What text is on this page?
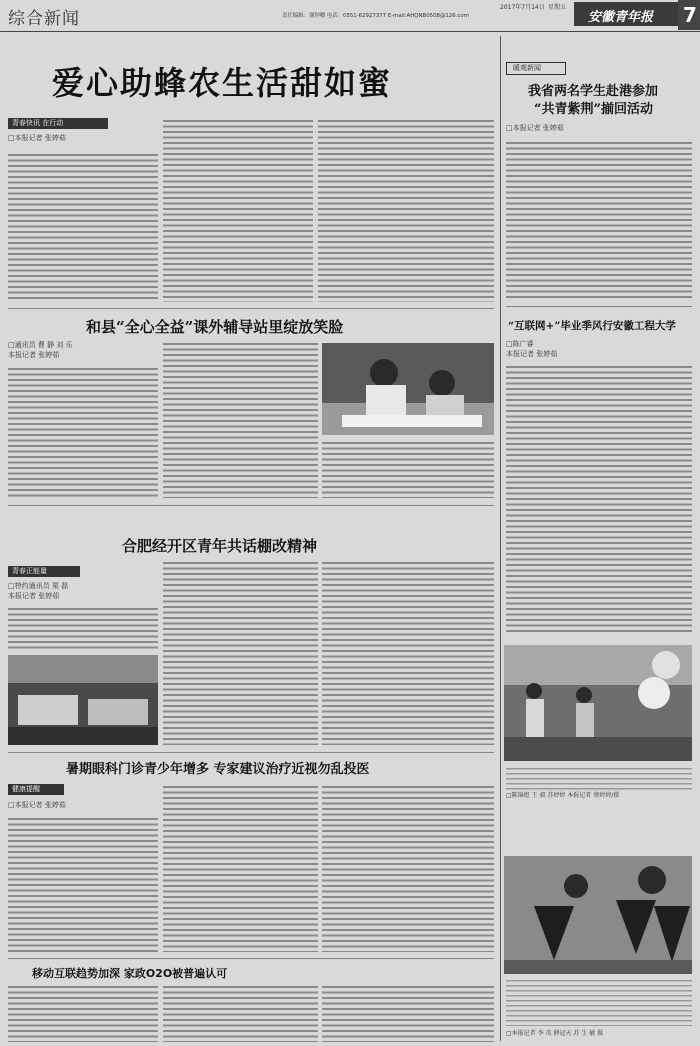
综合新闻
2017年7月14日 星期五
责任编辑：谢钟卿 电话：0551-62927377 E-mail:AHQNB0508@126.com	安徽青年报 7
爱心助蜂农生活甜如蜜
青春快讯 在行动
□本报记者 张婷茹
和县“全心全益”课外辅导站里绽放笑脸
□通讯员 曹 静 刘 乐
本报记者 张婷茹
合肥经开区青年共话棚改精神
青春正能量
□特约通讯员 栗 磊
本报记者 张婷茹
暑期眼科门诊青少年增多 专家建议治疗近视勿乱投医
健康提醒
□本报记者 张婷茹
移动互联趋势加深 家政O2O被普遍认可
暖观新闻
我省两名学生赴港参加
“共青紫荆”揃回活动
□本报记者 张婷茹
“互联网+”毕业季风行安徽工程大学
□陈广睿
本报记者 张婷茹
□陈锦煜 王 毅 苏婷婷 本报记者 蔡婷婷/摄
□本报记者 李 英 薛冠天 苏 生 敏 摄
